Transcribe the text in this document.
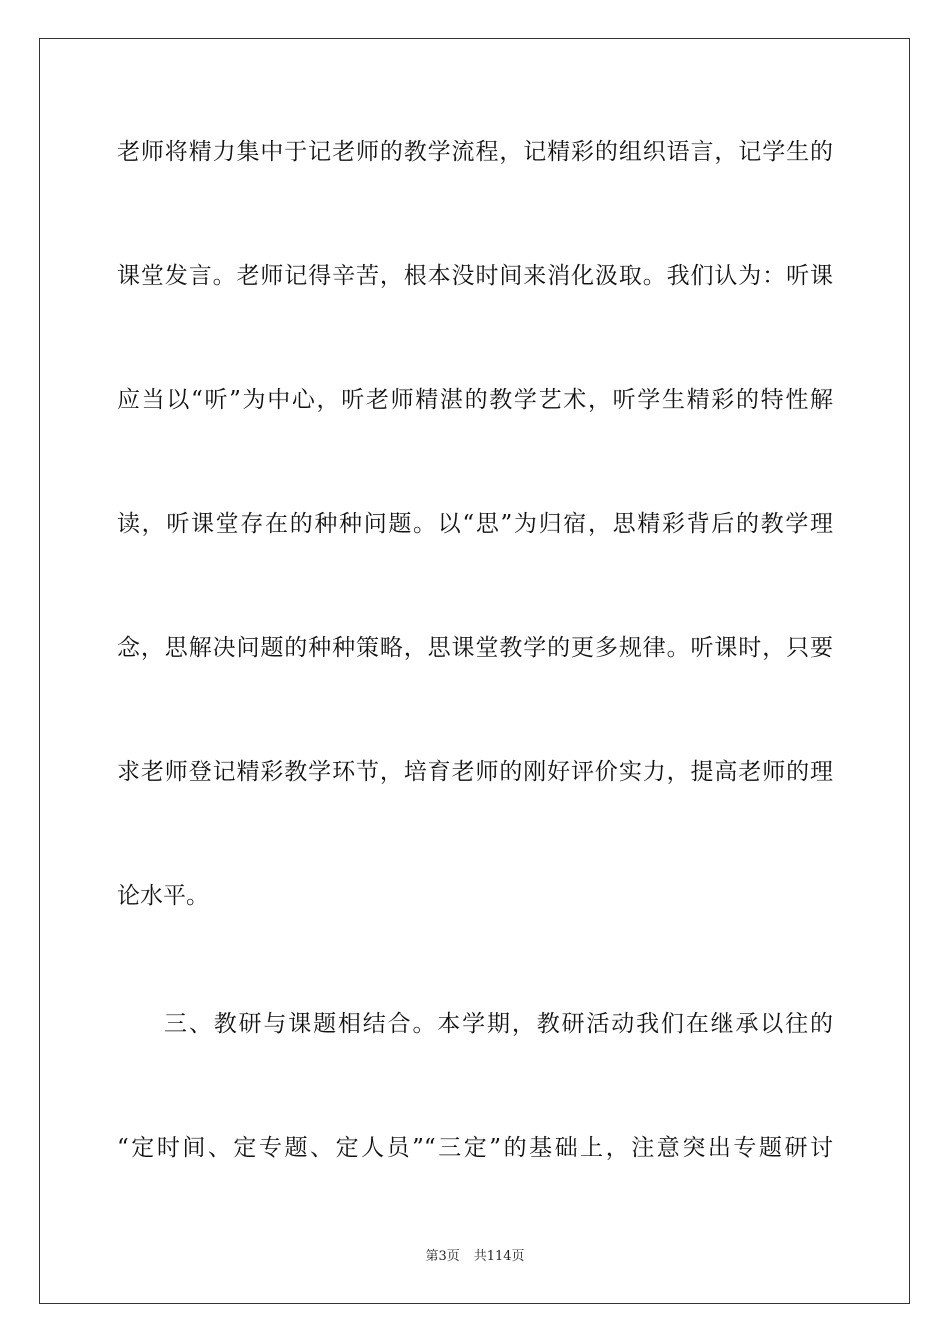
老师将精力集中于记老师的教学流程，记精彩的组织语言，记学生的
课堂发言。老师记得辛苦，根本没时间来消化汲取。我们认为：听课
应当以“听”为中心，听老师精湛的教学艺术，听学生精彩的特性解
读，听课堂存在的种种问题。以“思”为归宿，思精彩背后的教学理
念，思解决问题的种种策略，思课堂教学的更多规律。听课时，只要
求老师登记精彩教学环节，培育老师的刚好评价实力，提高老师的理
论水平。
三、教研与课题相结合。本学期，教研活动我们在继承以往的
“定时间、定专题、定人员”“三定”的基础上，注意突出专题研讨
第3页 共114页
